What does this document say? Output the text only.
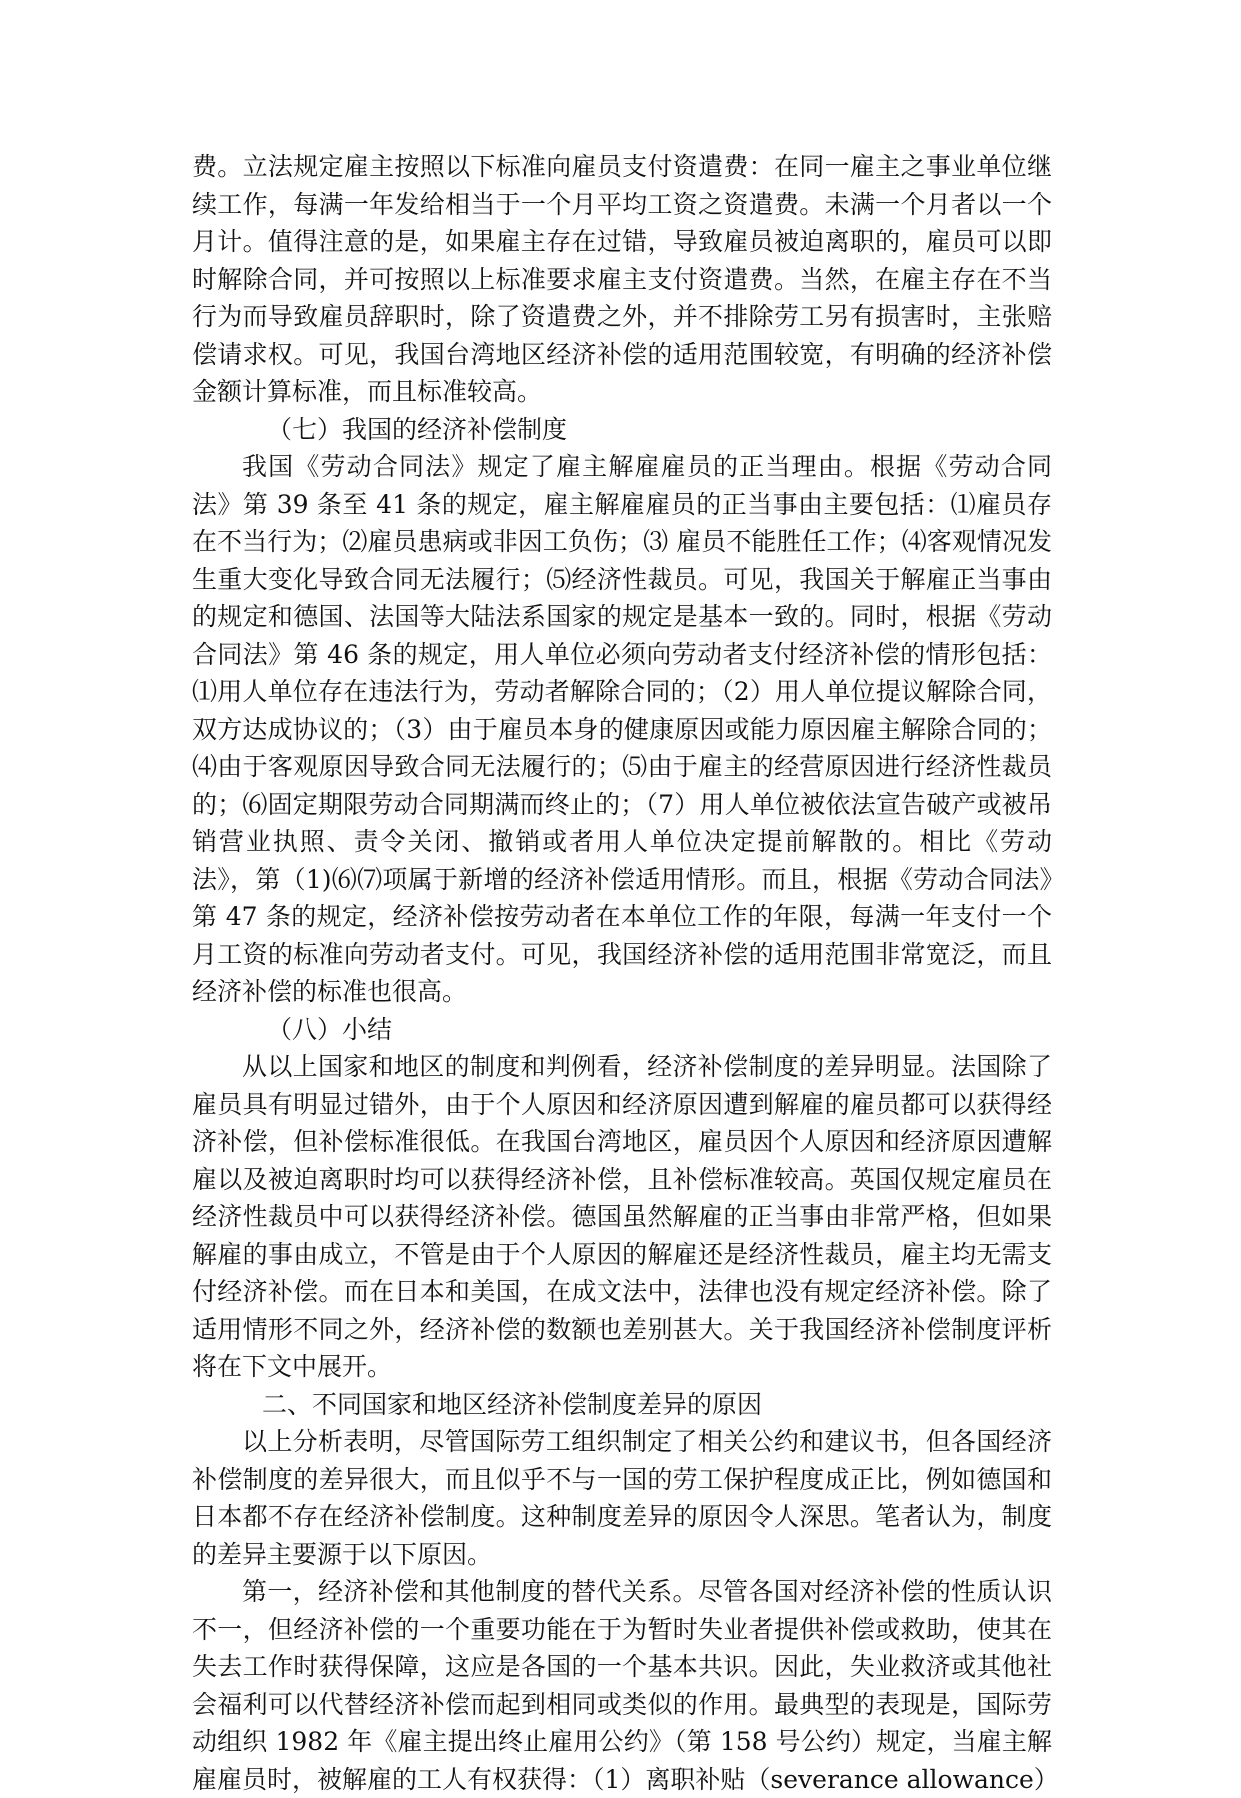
费。立法规定雇主按照以下标准向雇员支付资遣费：在同一雇主之事业单位继续工作，每满一年发给相当于一个月平均工资之资遣费。未满一个月者以一个月计。值得注意的是，如果雇主存在过错，导致雇员被迫离职的，雇员可以即时解除合同，并可按照以上标准要求雇主支付资遣费。当然，在雇主存在不当行为而导致雇员辞职时，除了资遣费之外，并不排除劳工另有损害时，主张赔偿请求权。可见，我国台湾地区经济补偿的适用范围较宽，有明确的经济补偿金额计算标准，而且标准较高。

（七）我国的经济补偿制度

我国《劳动合同法》规定了雇主解雇雇员的正当理由。根据《劳动合同法》第 39 条至 41 条的规定，雇主解雇雇员的正当事由主要包括：⑴雇员存在不当行为；⑵雇员患病或非因工负伤；⑶ 雇员不能胜任工作；⑷客观情况发生重大变化导致合同无法履行；⑸经济性裁员。可见，我国关于解雇正当事由的规定和德国、法国等大陆法系国家的规定是基本一致的。同时，根据《劳动合同法》第 46 条的规定，用人单位必须向劳动者支付经济补偿的情形包括：⑴用人单位存在违法行为，劳动者解除合同的；（2）用人单位提议解除合同，双方达成协议的；（3）由于雇员本身的健康原因或能力原因雇主解除合同的；⑷由于客观原因导致合同无法履行的；⑸由于雇主的经营原因进行经济性裁员的；⑹固定期限劳动合同期满而终止的；（7）用人单位被依法宣告破产或被吊销营业执照、责令关闭、撤销或者用人单位决定提前解散的。相比《劳动法》，第（1)⑹⑺项属于新增的经济补偿适用情形。而且，根据《劳动合同法》第 47 条的规定，经济补偿按劳动者在本单位工作的年限，每满一年支付一个月工资的标准向劳动者支付。可见，我国经济补偿的适用范围非常宽泛，而且经济补偿的标准也很高。

（八）小结

从以上国家和地区的制度和判例看，经济补偿制度的差异明显。法国除了雇员具有明显过错外，由于个人原因和经济原因遭到解雇的雇员都可以获得经济补偿，但补偿标准很低。在我国台湾地区，雇员因个人原因和经济原因遭解雇以及被迫离职时均可以获得经济补偿，且补偿标准较高。英国仅规定雇员在经济性裁员中可以获得经济补偿。德国虽然解雇的正当事由非常严格，但如果解雇的事由成立，不管是由于个人原因的解雇还是经济性裁员，雇主均无需支付经济补偿。而在日本和美国，在成文法中，法律也没有规定经济补偿。除了适用情形不同之外，经济补偿的数额也差别甚大。关于我国经济补偿制度评析将在下文中展开。

二、不同国家和地区经济补偿制度差异的原因

以上分析表明，尽管国际劳工组织制定了相关公约和建议书，但各国经济补偿制度的差异很大，而且似乎不与一国的劳工保护程度成正比，例如德国和日本都不存在经济补偿制度。这种制度差异的原因令人深思。笔者认为，制度的差异主要源于以下原因。

第一，经济补偿和其他制度的替代关系。尽管各国对经济补偿的性质认识不一，但经济补偿的一个重要功能在于为暂时失业者提供补偿或救助，使其在失去工作时获得保障，这应是各国的一个基本共识。因此，失业救济或其他社会福利可以代替经济补偿而起到相同或类似的作用。最典型的表现是，国际劳动组织 1982 年《雇主提出终止雇用公约》（第 158 号公约）规定，当雇主解雇雇员时，被解雇的工人有权获得：（1）离职补贴（severance allowance）
